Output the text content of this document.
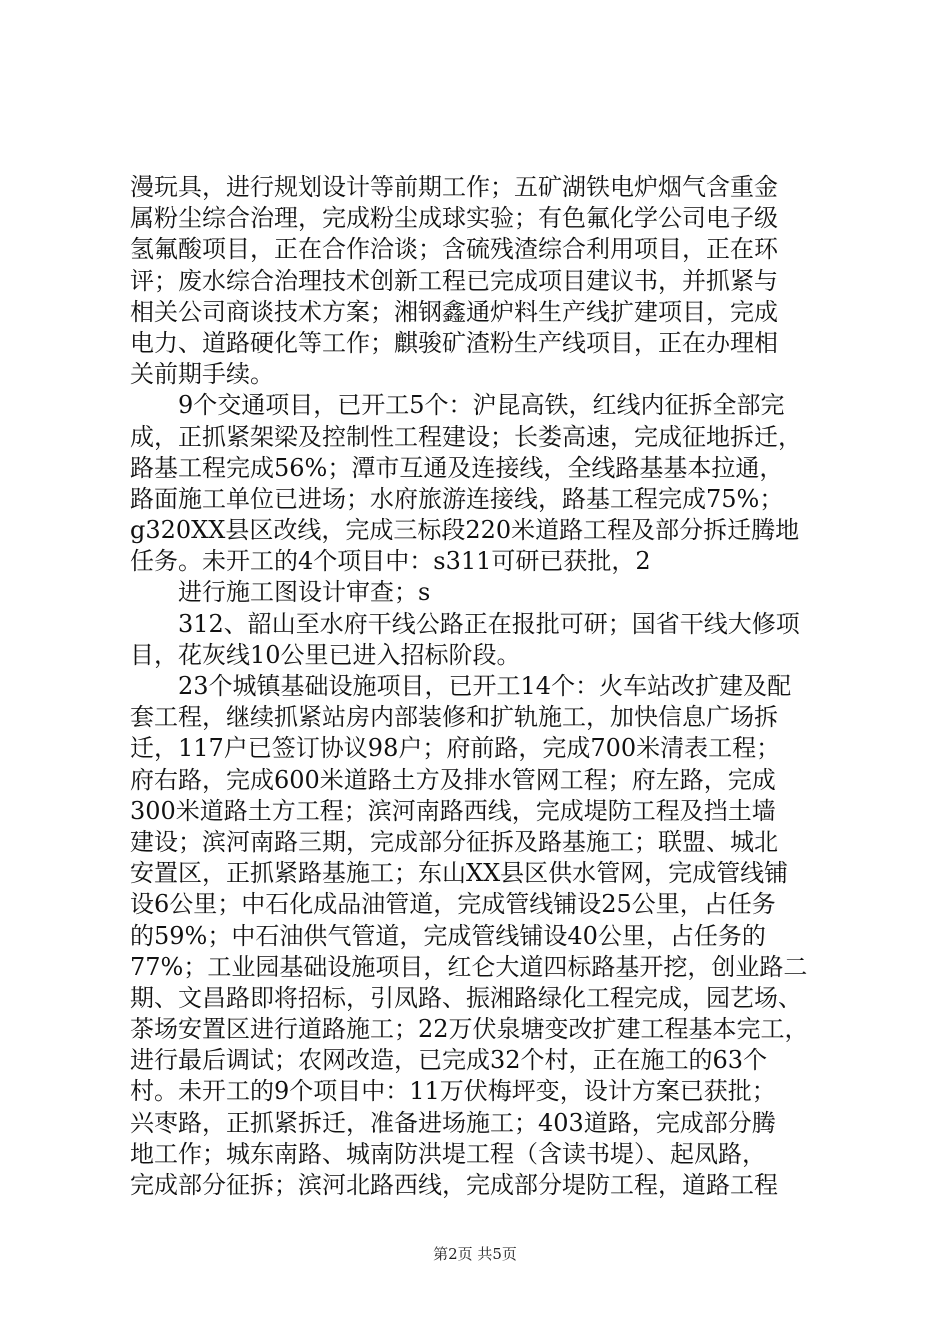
漫玩具，进行规划设计等前期工作；五矿湖铁电炉烟气含重金
属粉尘综合治理，完成粉尘成球实验；有色氟化学公司电子级
氢氟酸项目，正在合作洽谈；含硫残渣综合利用项目，正在环
评；废水综合治理技术创新工程已完成项目建议书，并抓紧与
相关公司商谈技术方案；湘钢鑫通炉料生产线扩建项目，完成
电力、道路硬化等工作；麒骏矿渣粉生产线项目，正在办理相
关前期手续。
　　9个交通项目，已开工5个：沪昆高铁，红线内征拆全部完
成，正抓紧架梁及控制性工程建设；长娄高速，完成征地拆迁，
路基工程完成56%；潭市互通及连接线，全线路基基本拉通，
路面施工单位已进场；水府旅游连接线，路基工程完成75%；
g320XX县区改线，完成三标段220米道路工程及部分拆迁腾地
任务。未开工的4个项目中：s311可研已获批，2
　　进行施工图设计审查；s
　　312、韶山至水府干线公路正在报批可研；国省干线大修项
目，花灰线10公里已进入招标阶段。
　　23个城镇基础设施项目，已开工14个：火车站改扩建及配
套工程，继续抓紧站房内部装修和扩轨施工，加快信息广场拆
迁，117户已签订协议98户；府前路，完成700米清表工程；
府右路，完成600米道路土方及排水管网工程；府左路，完成
300米道路土方工程；滨河南路西线，完成堤防工程及挡土墙
建设；滨河南路三期，完成部分征拆及路基施工；联盟、城北
安置区，正抓紧路基施工；东山XX县区供水管网，完成管线铺
设6公里；中石化成品油管道，完成管线铺设25公里，占任务
的59%；中石油供气管道，完成管线铺设40公里，占任务的
77%；工业园基础设施项目，红仑大道四标路基开挖，创业路二
期、文昌路即将招标，引凤路、振湘路绿化工程完成，园艺场、
茶场安置区进行道路施工；22万伏泉塘变改扩建工程基本完工，
进行最后调试；农网改造，已完成32个村，正在施工的63个
村。未开工的9个项目中：11万伏梅坪变，设计方案已获批；
兴枣路，正抓紧拆迁，准备进场施工；403道路，完成部分腾
地工作；城东南路、城南防洪堤工程（含读书堤）、起凤路，
完成部分征拆；滨河北路西线，完成部分堤防工程，道路工程
第2页 共5页
